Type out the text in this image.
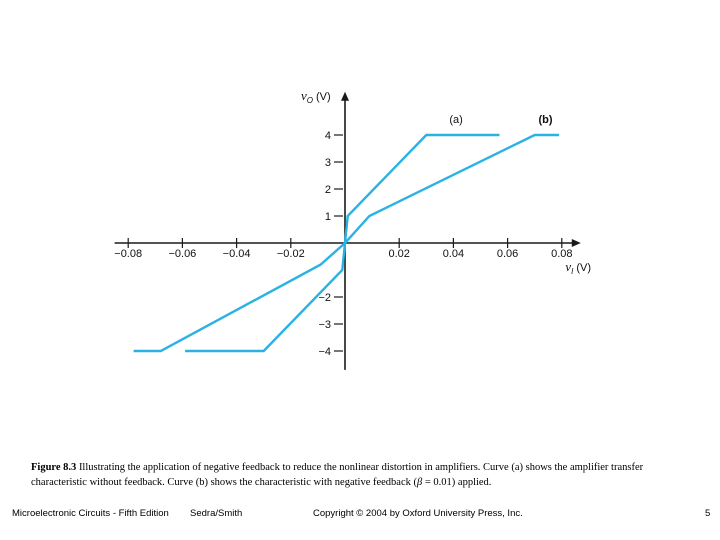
−0.08 −0.06 −0.04 −0.02	0.02	0.04	0.06	0.08
4
3
2
1
−2
−3
−4
(a)	(b)
$v_O$ (V)
$v_I$ (V)
Figure 8.3 Illustrating the application of negative feedback to reduce the nonlinear distortion in amplifiers. Curve (a) shows the amplifier transfer characteristic without feedback. Curve (b) shows the characteristic with negative feedback (β = 0.01) applied.
Microelectronic Circuits - Fifth Edition Sedra/Smith	Copyright © 2004 by Oxford University Press, Inc.	5
